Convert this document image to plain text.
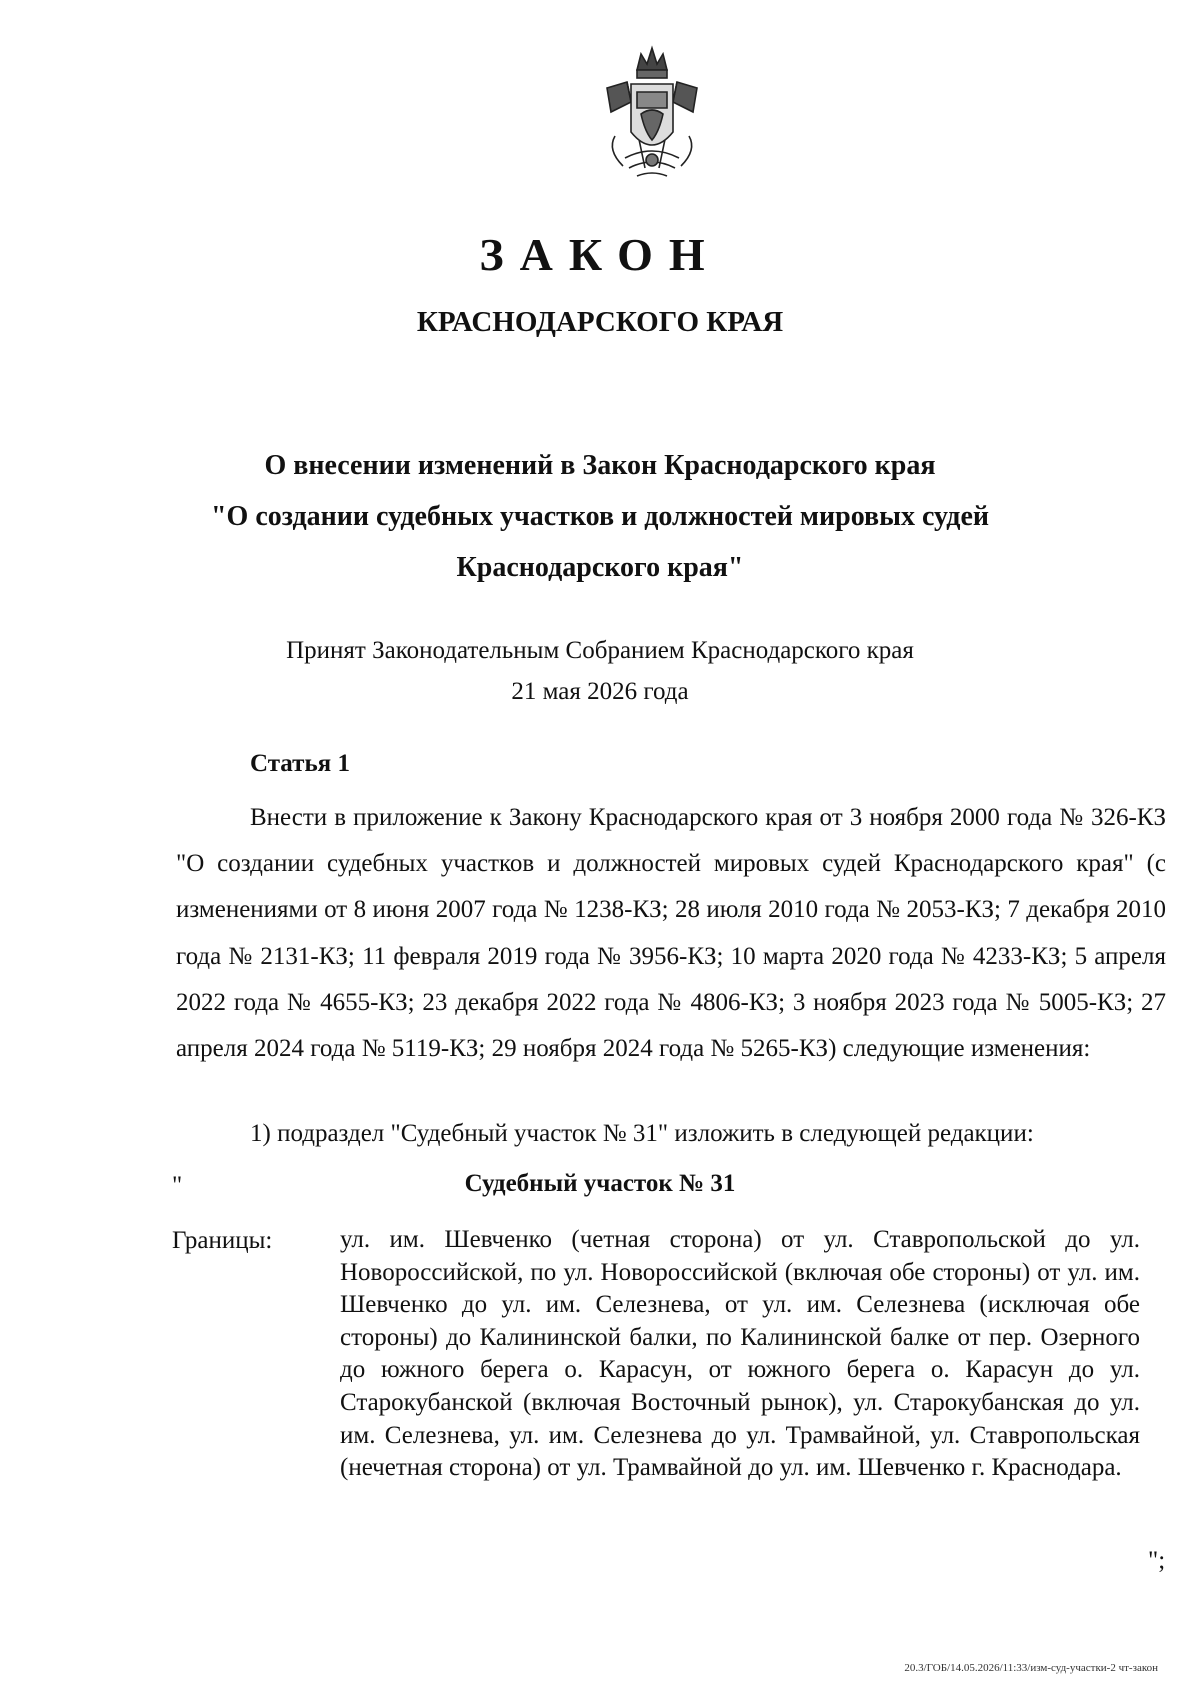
ЗАКОН
КРАСНОДАРСКОГО КРАЯ
О внесении изменений в Закон Краснодарского края
"О создании судебных участков и должностей мировых судей
Краснодарского края"
Принят Законодательным Собранием Краснодарского края
21 мая 2026 года
Статья 1
Внести в приложение к Закону Краснодарского края от 3 ноября 2000 года № 326-КЗ "О создании судебных участков и должностей мировых судей Краснодарского края" (с изменениями от 8 июня 2007 года № 1238-КЗ; 28 июля 2010 года № 2053-КЗ; 7 декабря 2010 года № 2131-КЗ; 11 февраля 2019 года № 3956-КЗ; 10 марта 2020 года № 4233-КЗ; 5 апреля 2022 года № 4655-КЗ; 23 декабря 2022 года № 4806-КЗ; 3 ноября 2023 года № 5005-КЗ; 27 апреля 2024 года № 5119-КЗ; 29 ноября 2024 года № 5265-КЗ) следующие изменения:
1) подраздел "Судебный участок № 31" изложить в следующей редакции:
"	Судебный участок № 31
Границы:	ул. им. Шевченко (четная сторона) от ул. Ставропольской до ул. Новороссийской, по ул. Новороссийской (включая обе стороны) от ул. им. Шевченко до ул. им. Селезнева, от ул. им. Селезнева (исключая обе стороны) до Калининской балки, по Калининской балке от пер. Озерного до южного берега о. Карасун, от южного берега о. Карасун до ул. Старокубанской (включая Восточный рынок), ул. Старокубанская до ул. им. Селезнева, ул. им. Селезнева до ул. Трамвайной, ул. Ставропольская (нечетная сторона) от ул. Трамвайной до ул. им. Шевченко г. Краснодара.
";
20.3/ГОБ/14.05.2026/11:33/изм-суд-участки-2 чт-закон
